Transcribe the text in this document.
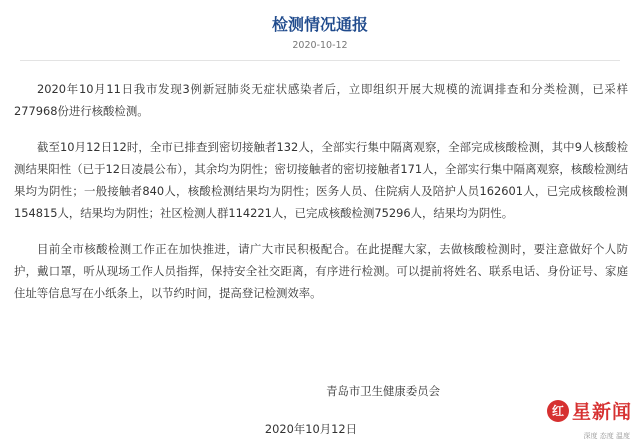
检测情况通报
2020-10-12

2020年10月11日我市发现3例新冠肺炎无症状感染者后，立即组织开展大规模的流调排查和分类检测，已采样277968份进行核酸检测。

截至10月12日12时，全市已排查到密切接触者132人，全部实行集中隔离观察，全部完成核酸检测，其中9人核酸检测结果阳性（已于12日凌晨公布），其余均为阴性；密切接触者的密切接触者171人，全部实行集中隔离观察，核酸检测结果均为阴性；一般接触者840人，核酸检测结果均为阴性；医务人员、住院病人及陪护人员162601人，已完成核酸检测154815人，结果均为阴性；社区检测人群114221人，已完成核酸检测75296人，结果均为阴性。

目前全市核酸检测工作正在加快推进，请广大市民积极配合。在此提醒大家，去做核酸检测时，要注意做好个人防护，戴口罩，听从现场工作人员指挥，保持安全社交距离，有序进行检测。可以提前将姓名、联系电话、身份证号、家庭住址等信息写在小纸条上，以节约时间，提高登记检测效率。

青岛市卫生健康委员会
2020年10月12日
红 星新闻
深度 态度 温度
